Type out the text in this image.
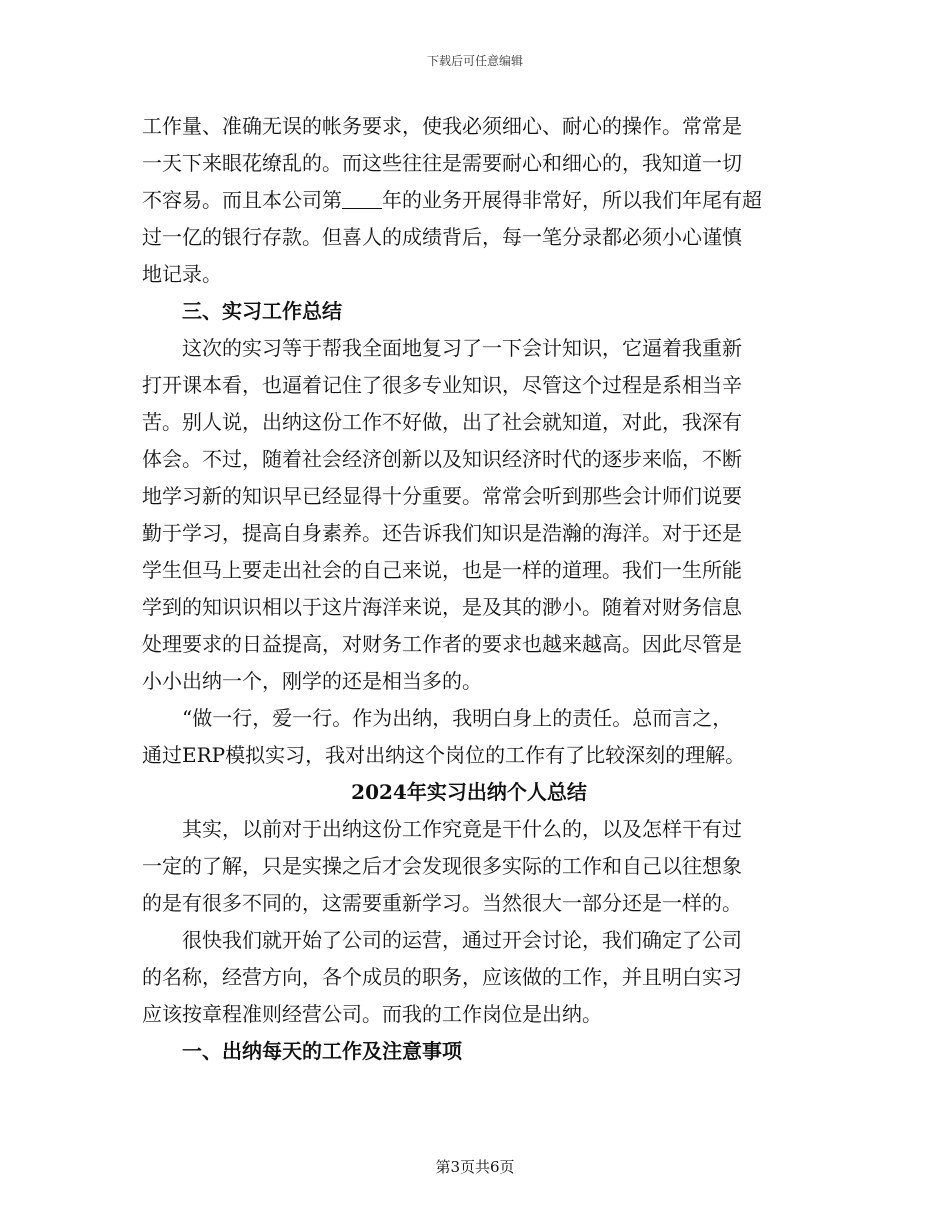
下载后可任意编辑
工作量、准确无误的帐务要求，使我必须细心、耐心的操作。常常是
一天下来眼花缭乱的。而这些往往是需要耐心和细心的，我知道一切
不容易。而且本公司第 年的业务开展得非常好，所以我们年尾有超
过一亿的银行存款。但喜人的成绩背后，每一笔分录都必须小心谨慎
地记录。
三、实习工作总结
　　这次的实习等于帮我全面地复习了一下会计知识，它逼着我重新
打开课本看，也逼着记住了很多专业知识，尽管这个过程是系相当辛
苦。别人说，出纳这份工作不好做，出了社会就知道，对此，我深有
体会。不过，随着社会经济创新以及知识经济时代的逐步来临，不断
地学习新的知识早已经显得十分重要。常常会听到那些会计师们说要
勤于学习，提高自身素养。还告诉我们知识是浩瀚的海洋。对于还是
学生但马上要走出社会的自己来说，也是一样的道理。我们一生所能
学到的知识识相以于这片海洋来说，是及其的渺小。随着对财务信息
处理要求的日益提高，对财务工作者的要求也越来越高。因此尽管是
小小出纳一个，刚学的还是相当多的。
　　“做一行，爱一行。作为出纳，我明白身上的责任。总而言之，
通过ERP模拟实习，我对出纳这个岗位的工作有了比较深刻的理解。
2024年实习出纳个人总结
　　其实，以前对于出纳这份工作究竟是干什么的，以及怎样干有过
一定的了解，只是实操之后才会发现很多实际的工作和自己以往想象
的是有很多不同的，这需要重新学习。当然很大一部分还是一样的。
　　很快我们就开始了公司的运营，通过开会讨论，我们确定了公司
的名称，经营方向，各个成员的职务，应该做的工作，并且明白实习
应该按章程准则经营公司。而我的工作岗位是出纳。
一、出纳每天的工作及注意事项
第3页共6页
